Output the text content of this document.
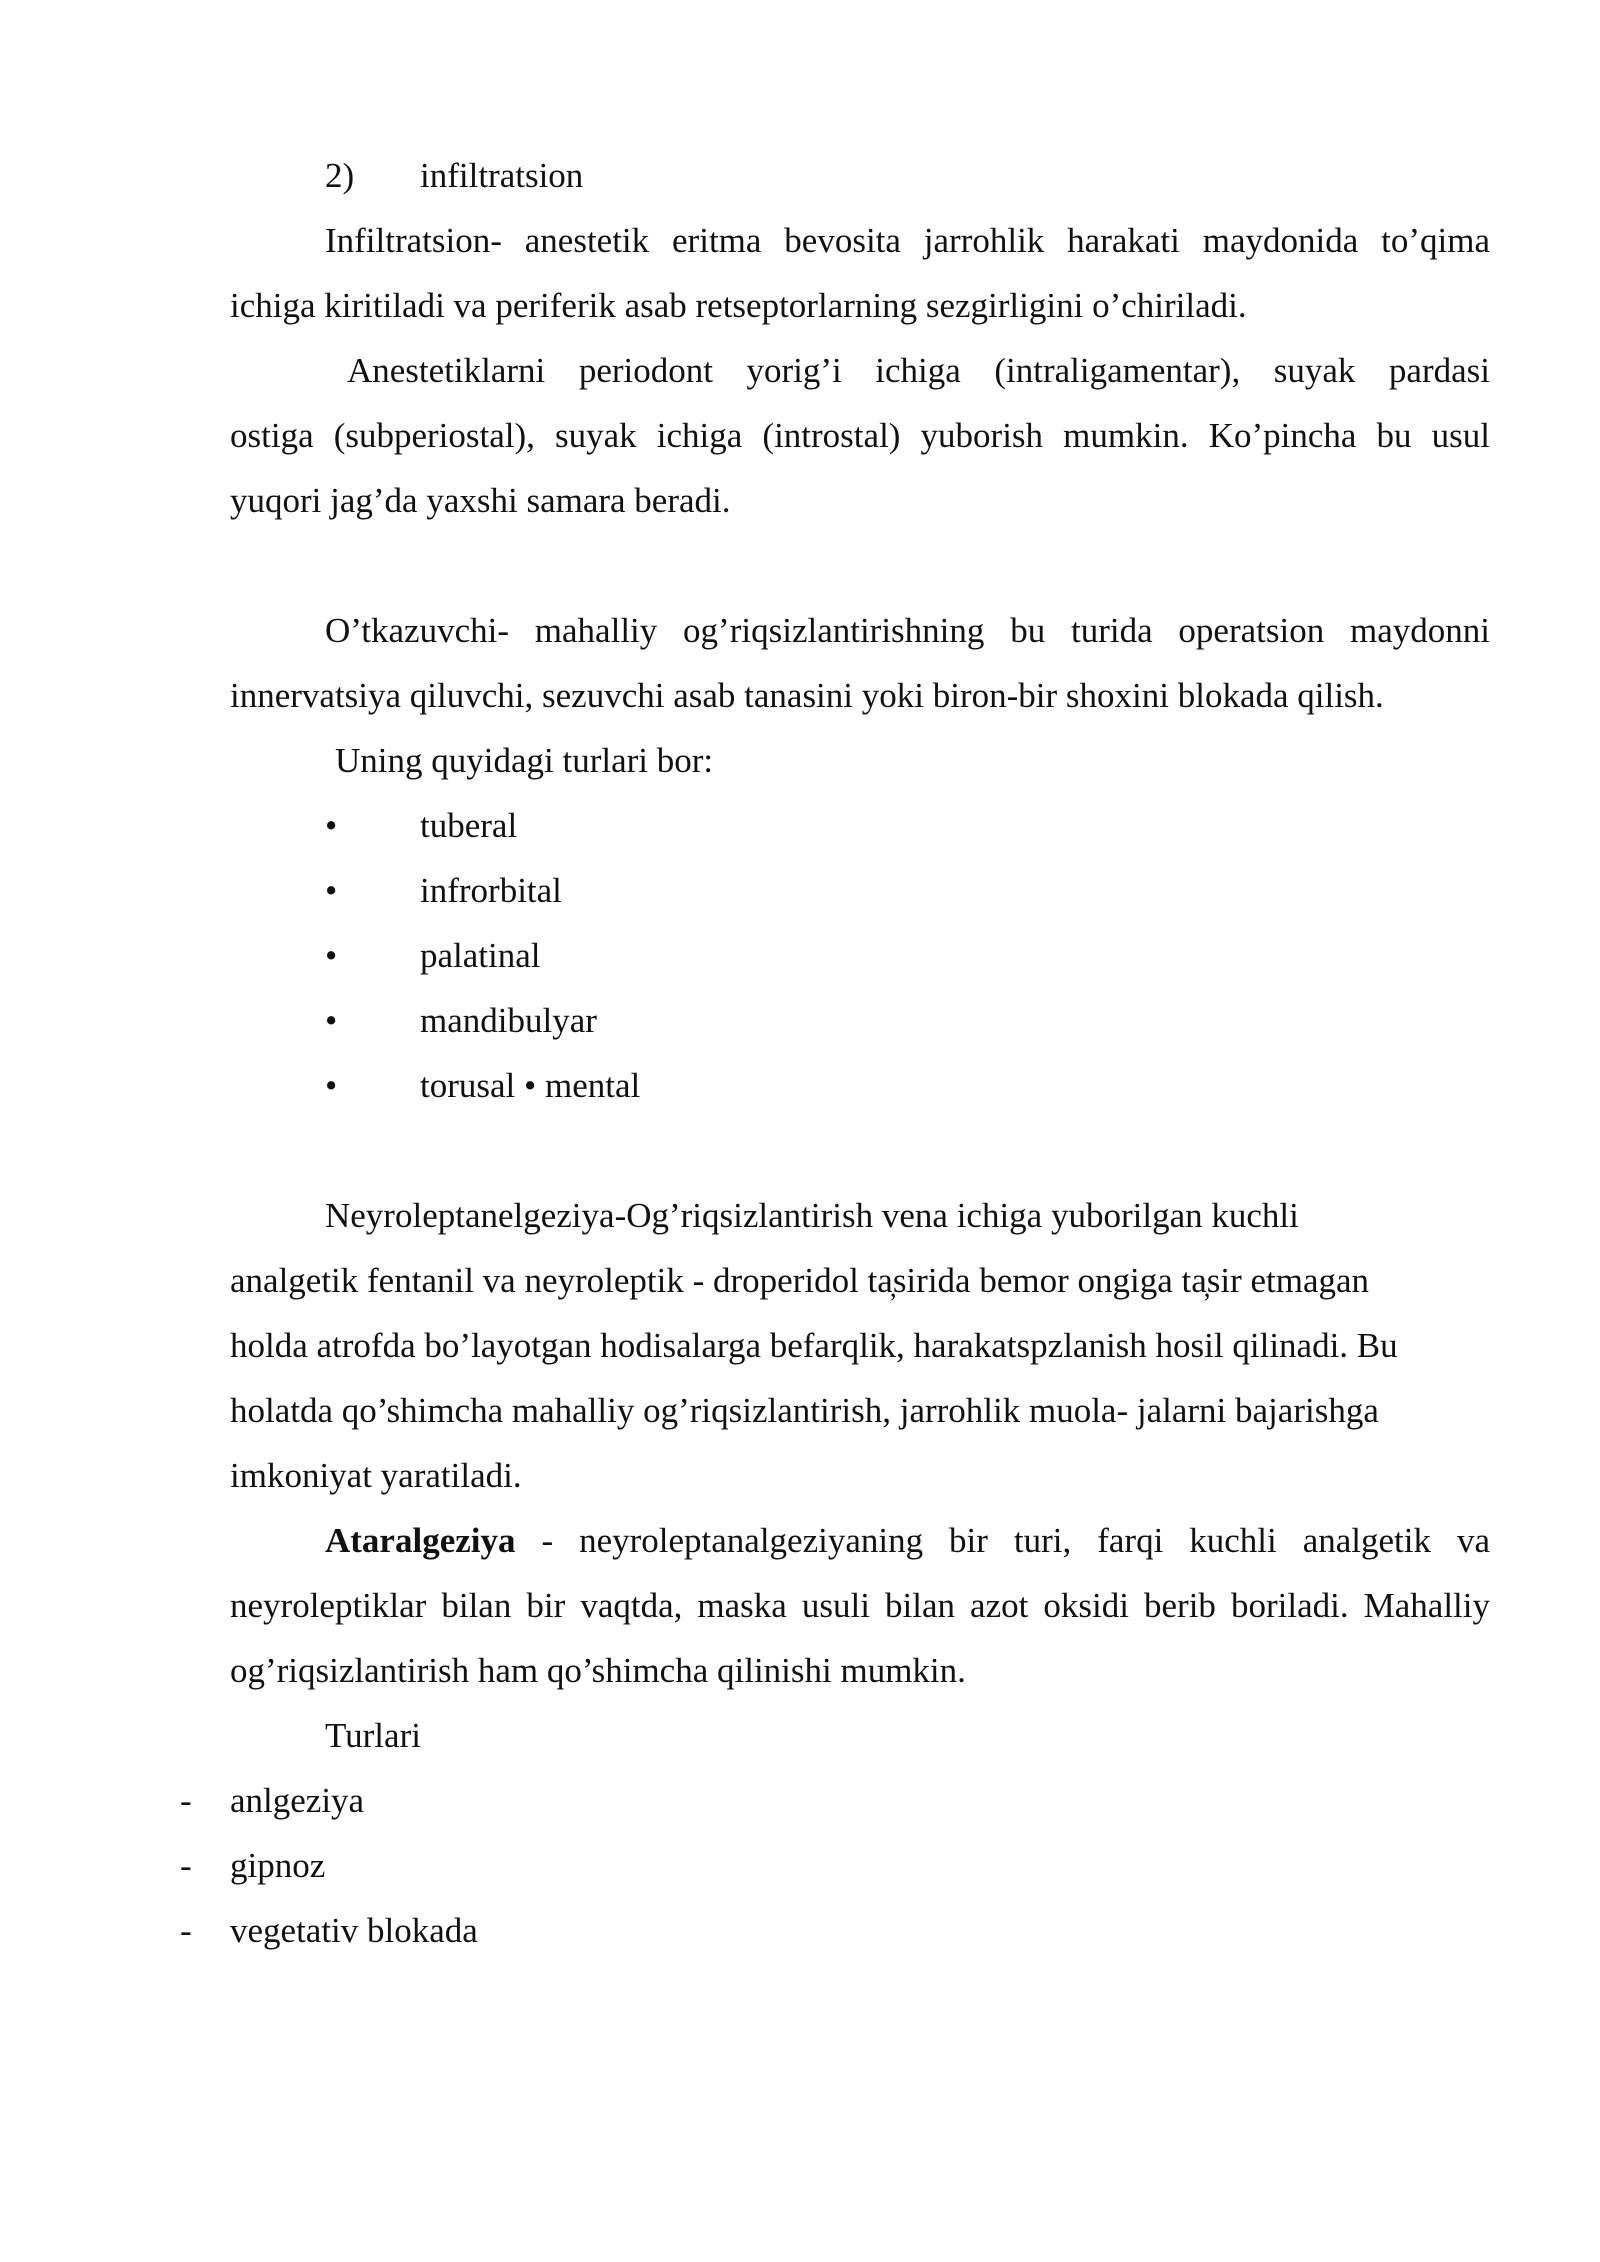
2) infiltratsion

Infiltratsion- anestetik eritma bevosita jarrohlik harakati maydonida to’qima

ichiga kiritiladi va periferik asab retseptorlarning sezgirligini o’chiriladi.

Anestetiklarni periodont yorig’i ichiga (intraligamentar), suyak pardasi

ostiga (subperiostal), suyak ichiga (introstal) yuborish mumkin. Ko’pincha bu usul

yuqori jag’da yaxshi samara beradi.

O’tkazuvchi- mahalliy og’riqsizlantirishning bu turida operatsion maydonni

innervatsiya qiluvchi, sezuvchi asab tanasini yoki biron-bir shoxini blokada qilish.

Uning quyidagi turlari bor:

• tuberal
• infrorbital
• palatinal
• mandibulyar
• torusal • mental

Neyroleptanelgeziya-Og’riqsizlantirish vena ichiga yuborilgan kuchli

analgetik fentanil va neyroleptik - droperidol ta̦sirida bemor ongiga ta̦sir etmagan

holda atrofda bo’layotgan hodisalarga befarqlik, harakatspzlanish hosil qilinadi. Bu

holatda qo’shimcha mahalliy og’riqsizlantirish, jarrohlik muola- jalarni bajarishga

imkoniyat yaratiladi.

Ataralgeziya - neyroleptanalgeziyaning bir turi, farqi kuchli analgetik va

neyroleptiklar bilan bir vaqtda, maska usuli bilan azot oksidi berib boriladi. Mahalliy

og’riqsizlantirish ham qo’shimcha qilinishi mumkin.

Turlari

- anlgeziya
- gipnoz
- vegetativ blokada
